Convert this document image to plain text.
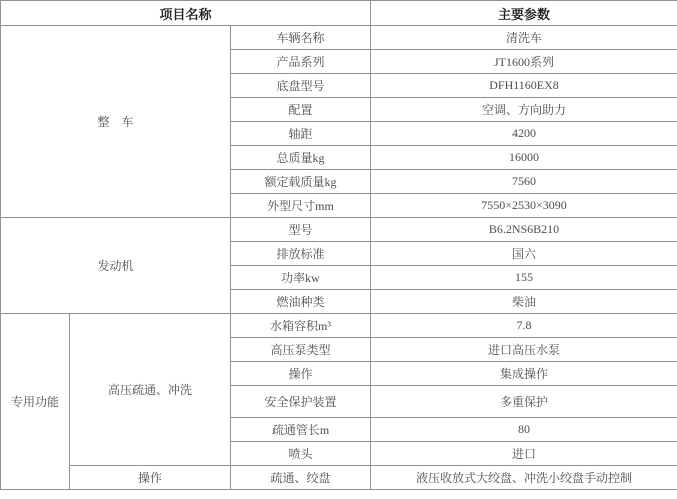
项目名称			主要参数
整　车		车辆名称	清洗车
		产品系列	JT1600系列
		底盘型号	DFH1160EX8
		配置	空调、方向助力
		轴距	4200
		总质量kg	16000
		额定载质量kg	7560
		外型尺寸mm	7550×2530×3090
发动机		型号	B6.2NS6B210
		排放标准	国六
		功率kw	155
		燃油种类	柴油
专用功能	高压疏通、冲洗	水箱容积m³	7.8
		高压泵类型	进口高压水泵
		操作	集成操作
		安全保护装置	多重保护
		疏通管长m	80
		喷头	进口
	操作	疏通、绞盘	液压收放式大绞盘、冲洗小绞盘手动控制
